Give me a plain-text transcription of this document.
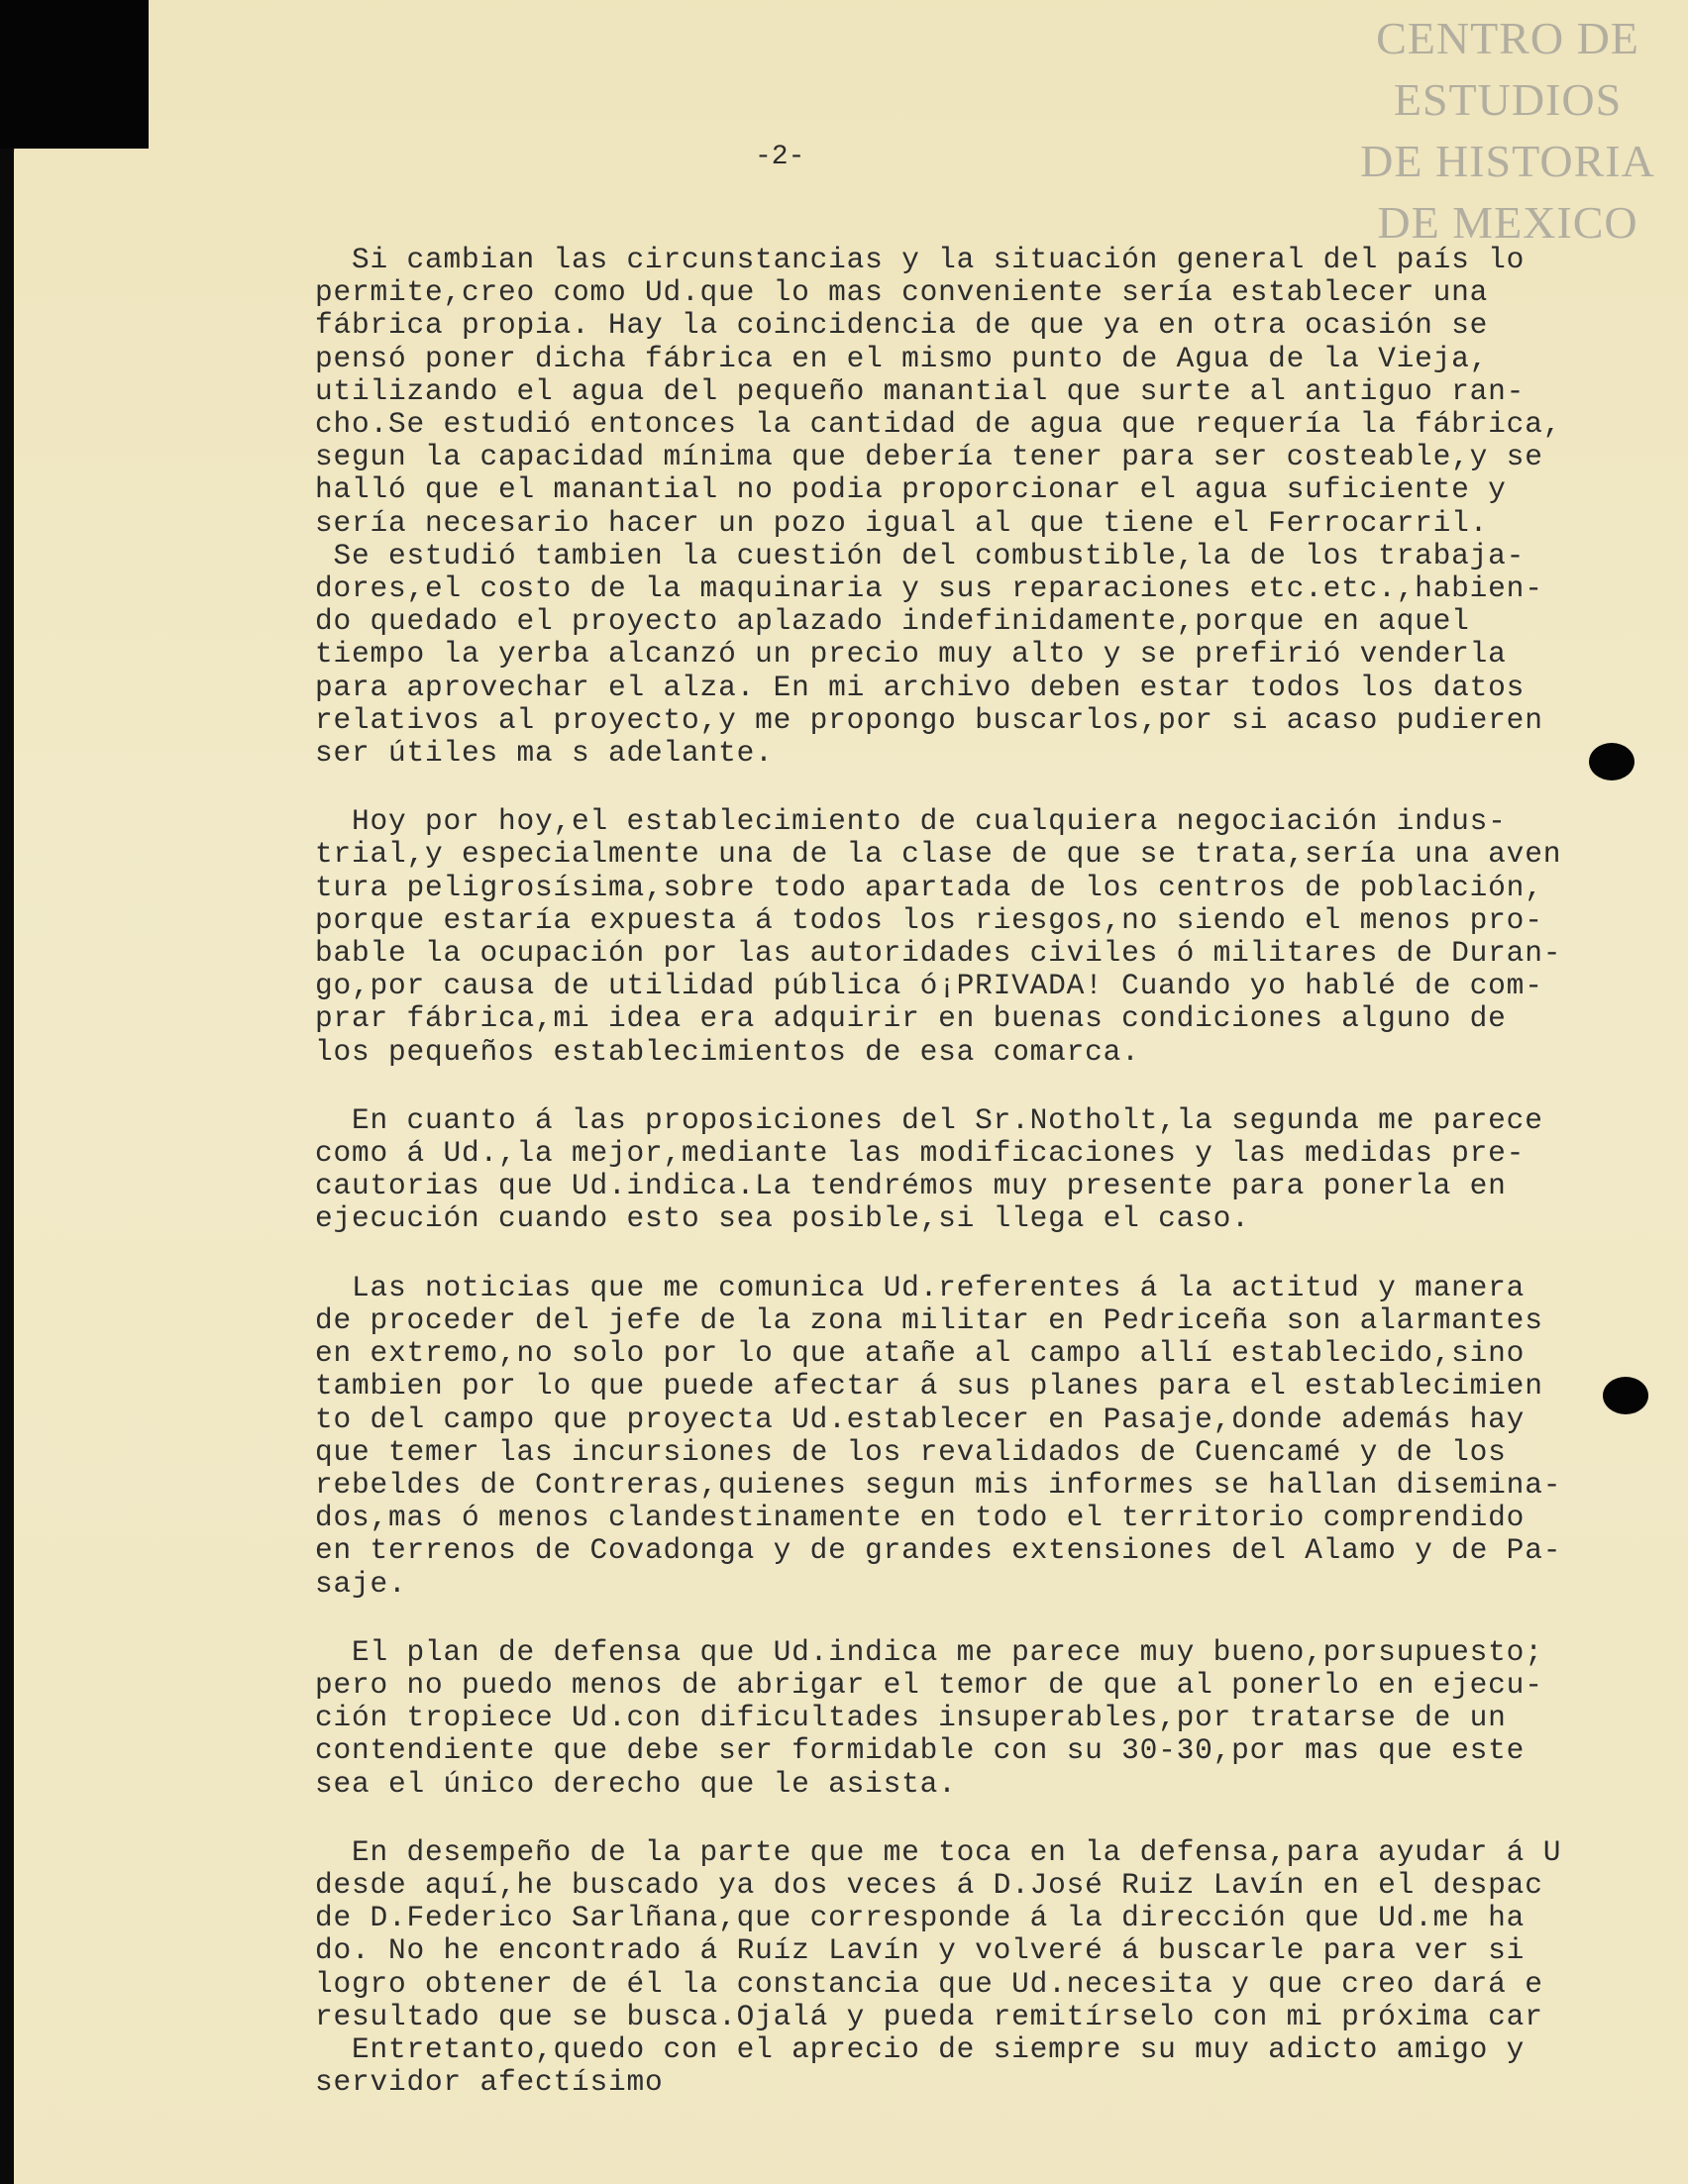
CENTRO DE
ESTUDIOS
DE HISTORIA
DE MEXICO
-2-
Si cambian las circunstancias y la situación general del país lo
permite,creo como Ud.que lo mas conveniente sería establecer una
fábrica propia. Hay la coincidencia de que ya en otra ocasión se
pensó poner dicha fábrica en el mismo punto de Agua de la Vieja,
utilizando el agua del pequeño manantial que surte al antiguo ran-
cho.Se estudió entonces la cantidad de agua que requería la fábrica,
segun la capacidad mínima que debería tener para ser costeable,y se
halló que el manantial no podia proporcionar el agua suficiente y
sería necesario hacer un pozo igual al que tiene el Ferrocarril.
Se estudió tambien la cuestión del combustible,la de los trabaja-
dores,el costo de la maquinaria y sus reparaciones etc.etc.,habien-
do quedado el proyecto aplazado indefinidamente,porque en aquel
tiempo la yerba alcanzó un precio muy alto y se prefirió venderla
para aprovechar el alza. En mi archivo deben estar todos los datos
relativos al proyecto,y me propongo buscarlos,por si acaso pudieren
ser útiles ma s adelante.
Hoy por hoy,el establecimiento de cualquiera negociación indus-
trial,y especialmente una de la clase de que se trata,sería una aven
tura peligrosísima,sobre todo apartada de los centros de población,
porque estaría expuesta á todos los riesgos,no siendo el menos pro-
bable la ocupación por las autoridades civiles ó militares de Duran-
go,por causa de utilidad pública ó¡PRIVADA! Cuando yo hablé de com-
prar fábrica,mi idea era adquirir en buenas condiciones alguno de
los pequeños establecimientos de esa comarca.
En cuanto á las proposiciones del Sr.Notholt,la segunda me parece
como á Ud.,la mejor,mediante las modificaciones y las medidas pre-
cautorias que Ud.indica.La tendrémos muy presente para ponerla en
ejecución cuando esto sea posible,si llega el caso.
Las noticias que me comunica Ud.referentes á la actitud y manera
de proceder del jefe de la zona militar en Pedriceña son alarmantes
en extremo,no solo por lo que atañe al campo allí establecido,sino
tambien por lo que puede afectar á sus planes para el establecimien
to del campo que proyecta Ud.establecer en Pasaje,donde además hay
que temer las incursiones de los revalidados de Cuencamé y de los
rebeldes de Contreras,quienes segun mis informes se hallan disemina-
dos,mas ó menos clandestinamente en todo el territorio comprendido
en terrenos de Covadonga y de grandes extensiones del Alamo y de Pa-
saje.
El plan de defensa que Ud.indica me parece muy bueno,porsupuesto;
pero no puedo menos de abrigar el temor de que al ponerlo en ejecu-
ción tropiece Ud.con dificultades insuperables,por tratarse de un
contendiente que debe ser formidable con su 30-30,por mas que este
sea el único derecho que le asista.
En desempeño de la parte que me toca en la defensa,para ayudar á U
desde aquí,he buscado ya dos veces á D.José Ruiz Lavín en el despac
de D.Federico Sarlñana,que corresponde á la dirección que Ud.me ha
do. No he encontrado á Ruíz Lavín y volveré á buscarle para ver si
logro obtener de él la constancia que Ud.necesita y que creo dará e
resultado que se busca.Ojalá y pueda remitírselo con mi próxima car
Entretanto,quedo con el aprecio de siempre su muy adicto amigo y
servidor afectísimo
